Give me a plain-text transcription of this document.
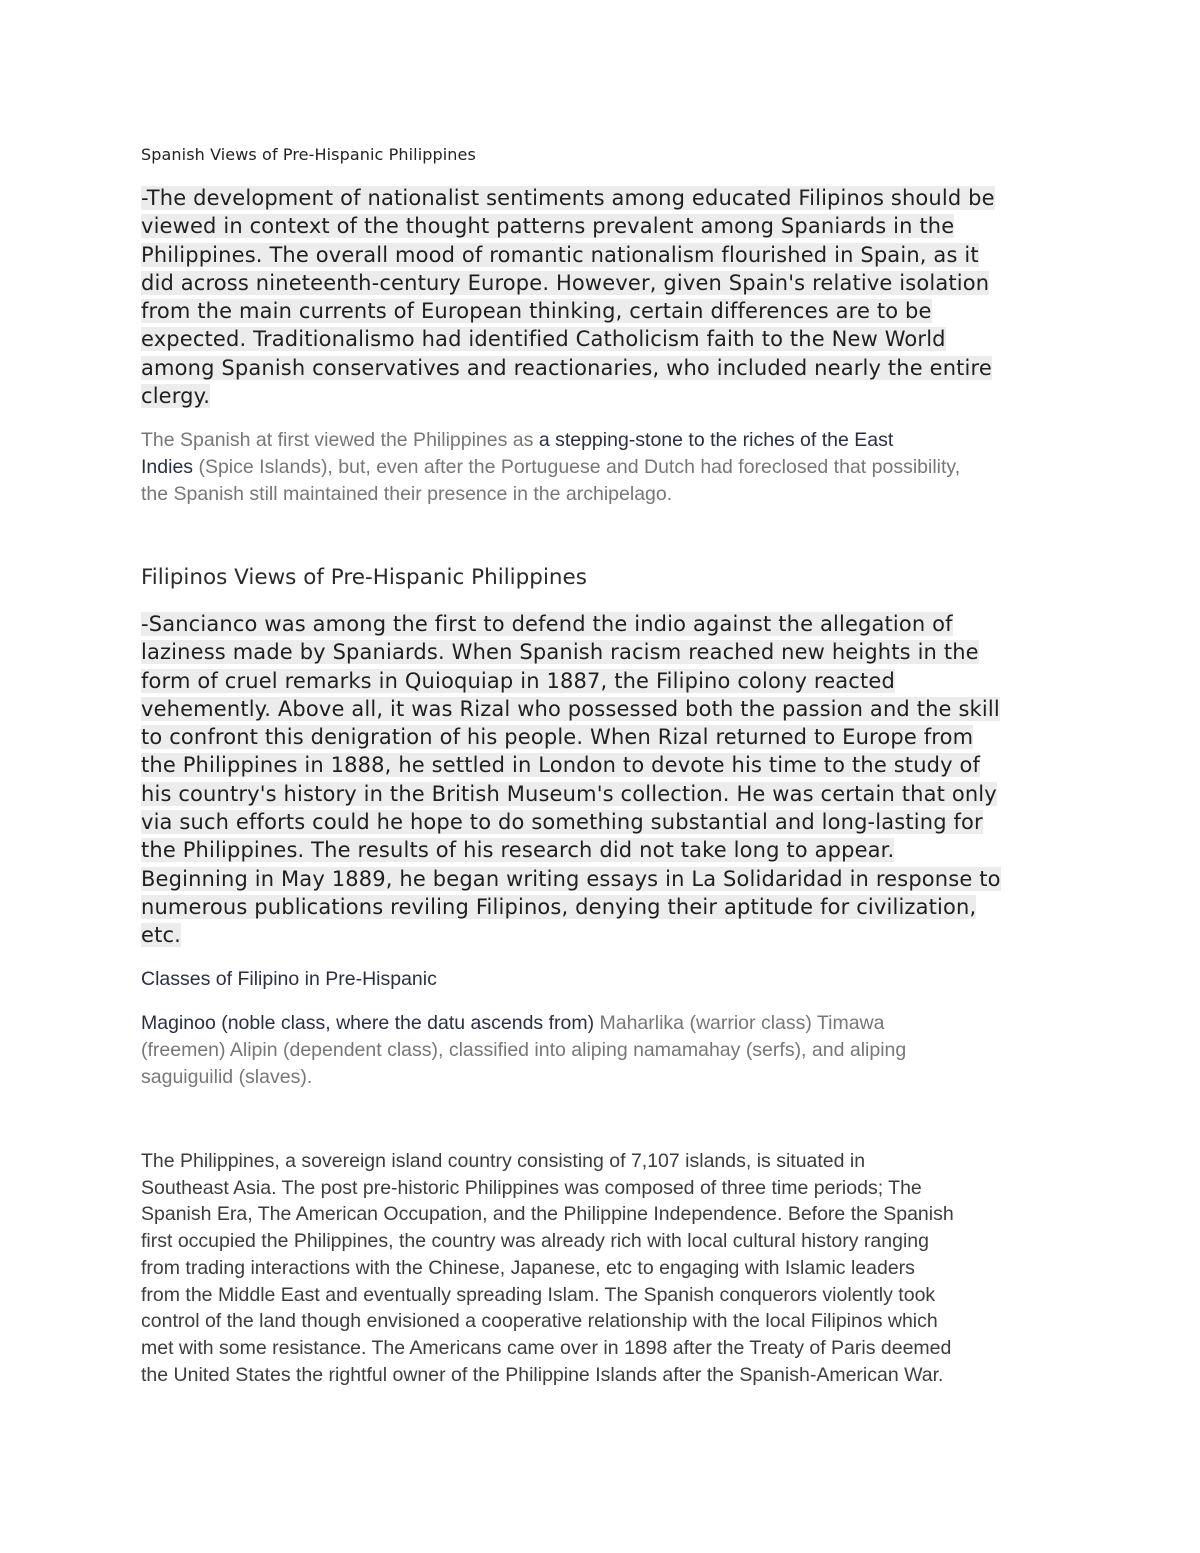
Spanish Views of Pre-Hispanic Philippines
-The development of nationalist sentiments among educated Filipinos should be
viewed in context of the thought patterns prevalent among Spaniards in the
Philippines. The overall mood of romantic nationalism flourished in Spain, as it
did across nineteenth-century Europe. However, given Spain's relative isolation
from the main currents of European thinking, certain differences are to be
expected. Traditionalismo had identified Catholicism faith to the New World
among Spanish conservatives and reactionaries, who included nearly the entire
clergy.
The Spanish at first viewed the Philippines as a stepping-stone to the riches of the East
Indies (Spice Islands), but, even after the Portuguese and Dutch had foreclosed that possibility,
the Spanish still maintained their presence in the archipelago.
Filipinos Views of Pre-Hispanic Philippines
-Sancianco was among the first to defend the indio against the allegation of
laziness made by Spaniards. When Spanish racism reached new heights in the
form of cruel remarks in Quioquiap in 1887, the Filipino colony reacted
vehemently. Above all, it was Rizal who possessed both the passion and the skill
to confront this denigration of his people. When Rizal returned to Europe from
the Philippines in 1888, he settled in London to devote his time to the study of
his country's history in the British Museum's collection. He was certain that only
via such efforts could he hope to do something substantial and long-lasting for
the Philippines. The results of his research did not take long to appear.
Beginning in May 1889, he began writing essays in La Solidaridad in response to
numerous publications reviling Filipinos, denying their aptitude for civilization,
etc.
Classes of Filipino in Pre-Hispanic
Maginoo (noble class, where the datu ascends from) Maharlika (warrior class) Timawa
(freemen) Alipin (dependent class), classified into aliping namamahay (serfs), and aliping
saguiguilid (slaves).
The Philippines, a sovereign island country consisting of 7,107 islands, is situated in
Southeast Asia. The post pre-historic Philippines was composed of three time periods; The
Spanish Era, The American Occupation, and the Philippine Independence. Before the Spanish
first occupied the Philippines, the country was already rich with local cultural history ranging
from trading interactions with the Chinese, Japanese, etc to engaging with Islamic leaders
from the Middle East and eventually spreading Islam. The Spanish conquerors violently took
control of the land though envisioned a cooperative relationship with the local Filipinos which
met with some resistance. The Americans came over in 1898 after the Treaty of Paris deemed
the United States the rightful owner of the Philippine Islands after the Spanish-American War.
